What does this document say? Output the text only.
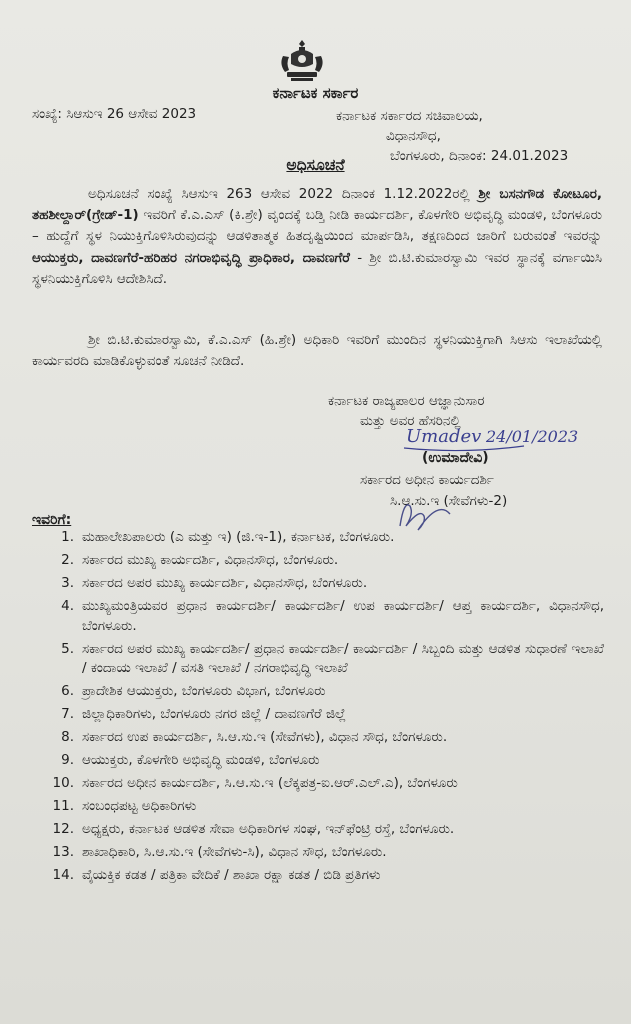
ಕರ್ನಾಟಕ ಸರ್ಕಾರ
ಸಂಖ್ಯೆ: ಸಿಆಸುಇ 26 ಆಸೇವ 2023	ಕರ್ನಾಟಕ ಸರ್ಕಾರದ ಸಚಿವಾಲಯ,
ವಿಧಾನಸೌಧ,
ಬೆಂಗಳೂರು, ದಿನಾಂಕ: 24.01.2023
ಅಧಿಸೂಚನೆ
ಅಧಿಸೂಚನೆ ಸಂಖ್ಯೆ ಸಿಆಸುಇ 263 ಆಸೇವ 2022 ದಿನಾಂಕ 1.12.2022ರಲ್ಲಿ ಶ್ರೀ ಬಸನಗೌಡ ಕೋಟೂರ, ತಹಶೀಲ್ದಾರ್(ಗ್ರೇಡ್-1) ಇವರಿಗೆ ಕೆ.ಎ.ಎಸ್ (ಕಿ.ಶ್ರೇ) ವೃಂದಕ್ಕೆ ಬಡ್ತಿ ನೀಡಿ ಕಾರ್ಯದರ್ಶಿ, ಕೊಳಗೇರಿ ಅಭಿವೃದ್ಧಿ ಮಂಡಳಿ, ಬೆಂಗಳೂರು – ಹುದ್ದೆಗೆ ಸ್ಥಳ ನಿಯುಕ್ತಿಗೊಳಿಸಿರುವುದನ್ನು ಆಡಳಿತಾತ್ಮಕ ಹಿತದೃಷ್ಟಿಯಿಂದ ಮಾರ್ಪಡಿಸಿ, ತಕ್ಷಣದಿಂದ ಜಾರಿಗೆ ಬರುವಂತೆ ಇವರನ್ನು ಆಯುಕ್ತರು, ದಾವಣಗೆರೆ-ಹರಿಹರ ನಗರಾಭಿವೃದ್ಧಿ ಪ್ರಾಧಿಕಾರ, ದಾವಣಗೆರೆ - ಶ್ರೀ ಬಿ.ಟಿ.ಕುಮಾರಸ್ವಾಮಿ ಇವರ ಸ್ಥಾನಕ್ಕೆ ವರ್ಗಾಯಿಸಿ ಸ್ಥಳನಿಯುಕ್ತಿಗೊಳಿಸಿ ಆದೇಶಿಸಿದೆ.
ಶ್ರೀ ಬಿ.ಟಿ.ಕುಮಾರಸ್ವಾಮಿ, ಕೆ.ಎ.ಎಸ್ (ಹಿ.ಶ್ರೇ) ಅಧಿಕಾರಿ ಇವರಿಗೆ ಮುಂದಿನ ಸ್ಥಳನಿಯುಕ್ತಿಗಾಗಿ ಸಿಆಸು ಇಲಾಖೆಯಲ್ಲಿ ಕಾರ್ಯವರದಿ ಮಾಡಿಕೊಳ್ಳುವಂತೆ ಸೂಚನೆ ನೀಡಿದೆ.
ಕರ್ನಾಟಕ ರಾಜ್ಯಪಾಲರ ಆಜ್ಞಾನುಸಾರ
ಮತ್ತು ಅವರ ಹೆಸರಿನಲ್ಲಿ
Umadev 24/01/2023
(ಉಮಾದೇವಿ)
ಸರ್ಕಾರದ ಅಧೀನ ಕಾರ್ಯದರ್ಶಿ
ಸಿ.ಆ.ಸು.ಇ (ಸೇವೆಗಳು-2)
ಇವರಿಗೆ:
1. ಮಹಾಲೇಖಪಾಲರು (ಎ ಮತ್ತು ಇ) (ಜಿ.ಇ-1), ಕರ್ನಾಟಕ, ಬೆಂಗಳೂರು.
2. ಸರ್ಕಾರದ ಮುಖ್ಯ ಕಾರ್ಯದರ್ಶಿ, ವಿಧಾನಸೌಧ, ಬೆಂಗಳೂರು.
3. ಸರ್ಕಾರದ ಅಪರ ಮುಖ್ಯ ಕಾರ್ಯದರ್ಶಿ, ವಿಧಾನಸೌಧ, ಬೆಂಗಳೂರು.
4. ಮುಖ್ಯಮಂತ್ರಿಯವರ ಪ್ರಧಾನ ಕಾರ್ಯದರ್ಶಿ/ ಕಾರ್ಯದರ್ಶಿ/ ಉಪ ಕಾರ್ಯದರ್ಶಿ/ ಆಪ್ತ ಕಾರ್ಯದರ್ಶಿ, ವಿಧಾನಸೌಧ, ಬೆಂಗಳೂರು.
5. ಸರ್ಕಾರದ ಅಪರ ಮುಖ್ಯ ಕಾರ್ಯದರ್ಶಿ/ ಪ್ರಧಾನ ಕಾರ್ಯದರ್ಶಿ/ ಕಾರ್ಯದರ್ಶಿ / ಸಿಬ್ಬಂದಿ ಮತ್ತು ಆಡಳಿತ ಸುಧಾರಣೆ ಇಲಾಖೆ / ಕಂದಾಯ ಇಲಾಖೆ / ವಸತಿ ಇಲಾಖೆ / ನಗರಾಭಿವೃದ್ಧಿ ಇಲಾಖೆ
6. ಪ್ರಾದೇಶಿಕ ಆಯುಕ್ತರು, ಬೆಂಗಳೂರು ವಿಭಾಗ, ಬೆಂಗಳೂರು
7. ಜಿಲ್ಲಾಧಿಕಾರಿಗಳು, ಬೆಂಗಳೂರು ನಗರ ಜಿಲ್ಲೆ / ದಾವಣಗೆರೆ ಜಿಲ್ಲೆ
8. ಸರ್ಕಾರದ ಉಪ ಕಾರ್ಯದರ್ಶಿ, ಸಿ.ಆ.ಸು.ಇ (ಸೇವೆಗಳು), ವಿಧಾನ ಸೌಧ, ಬೆಂಗಳೂರು.
9. ಆಯುಕ್ತರು, ಕೊಳಗೇರಿ ಅಭಿವೃದ್ಧಿ ಮಂಡಳಿ, ಬೆಂಗಳೂರು
10. ಸರ್ಕಾರದ ಅಧೀನ ಕಾರ್ಯದರ್ಶಿ, ಸಿ.ಆ.ಸು.ಇ (ಲೆಕ್ಕಪತ್ರ-ಐ.ಆರ್.ಎಲ್.ಎ), ಬೆಂಗಳೂರು
11. ಸಂಬಂಧಪಟ್ಟ ಅಧಿಕಾರಿಗಳು
12. ಅಧ್ಯಕ್ಷರು, ಕರ್ನಾಟಕ ಆಡಳಿತ ಸೇವಾ ಅಧಿಕಾರಿಗಳ ಸಂಘ, ಇನ್‌ಫೆಂಟ್ರಿ ರಸ್ತೆ, ಬೆಂಗಳೂರು.
13. ಶಾಖಾಧಿಕಾರಿ, ಸಿ.ಆ.ಸು.ಇ (ಸೇವೆಗಳು-ಸಿ), ವಿಧಾನ ಸೌಧ, ಬೆಂಗಳೂರು.
14. ವೈಯಕ್ತಿಕ ಕಡತ / ಪತ್ರಿಕಾ ವೇದಿಕೆ / ಶಾಖಾ ರಕ್ಷಾ ಕಡತ / ಬಿಡಿ ಪ್ರತಿಗಳು
